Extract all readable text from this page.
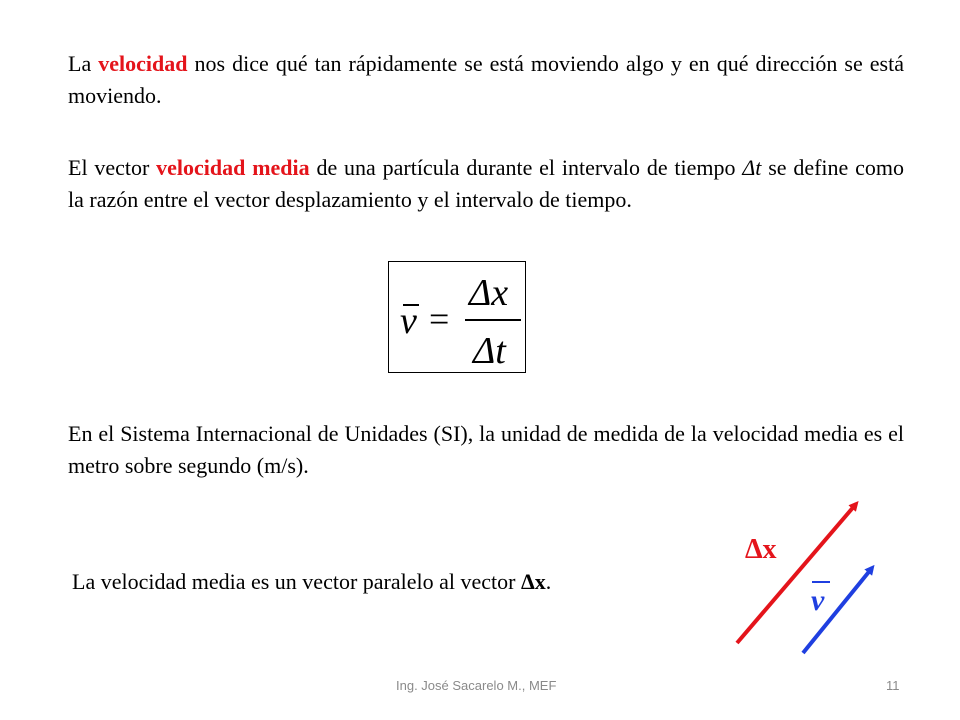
La velocidad nos dice qué tan rápidamente se está moviendo algo y en qué dirección se está moviendo.

El vector velocidad media de una partícula durante el intervalo de tiempo Δt se define como la razón entre el vector desplazamiento y el intervalo de tiempo.

v =
Δx
Δt

En el Sistema Internacional de Unidades (SI), la unidad de medida de la velocidad media es el metro sobre segundo (m/s).

La velocidad media es un vector paralelo al vector Δx.

Δx
v
Ing. José Sacarelo M., MEF	11
